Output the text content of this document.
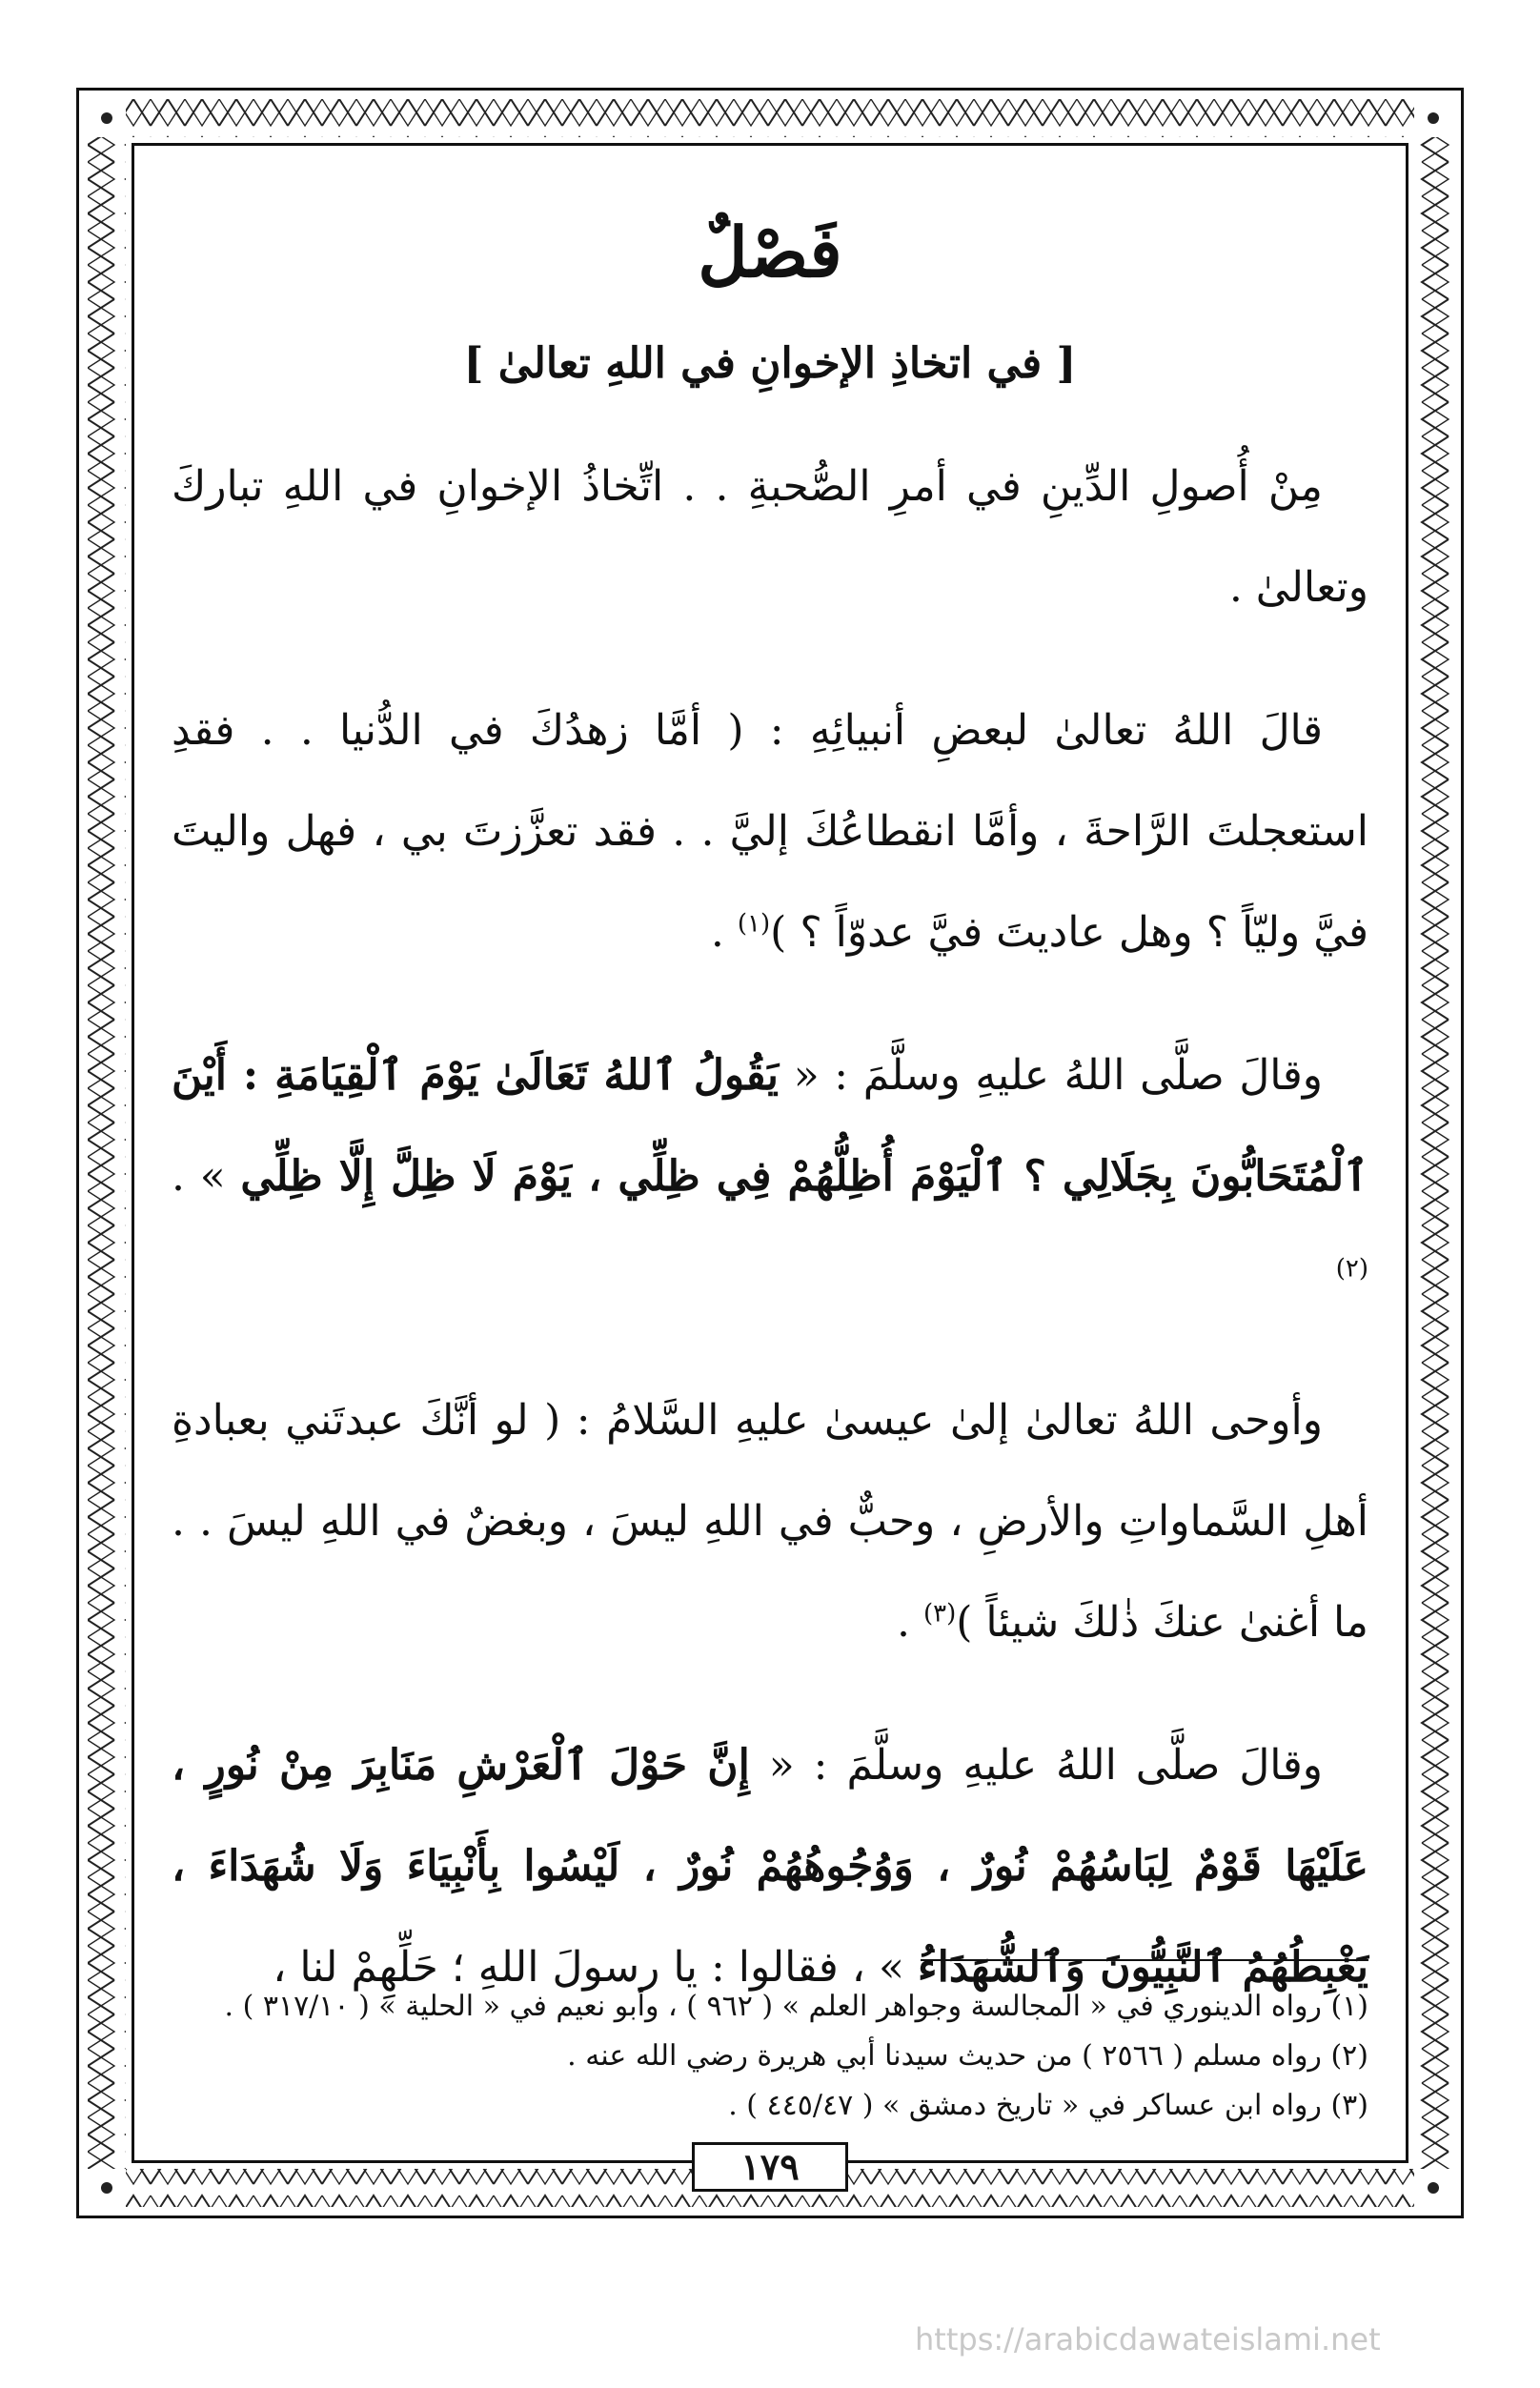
فَصْلٌ
[ في اتخاذِ الإخوانِ في اللهِ تعالىٰ ]

مِنْ أُصولِ الدِّينِ في أمرِ الصُّحبةِ . . اتِّخاذُ الإخوانِ في اللهِ تباركَ وتعالىٰ .

قالَ اللهُ تعالىٰ لبعضِ أنبيائِهِ : ( أمَّا زهدُكَ في الدُّنيا . . فقدِ استعجلتَ الرَّاحةَ ، وأمَّا انقطاعُكَ إليَّ . . فقد تعزَّزتَ بي ، فهل واليتَ فيَّ وليّاً ؟ وهل عاديتَ فيَّ عدوّاً ؟ )$^{(١)}$ .

وقالَ صلَّى اللهُ عليهِ وسلَّمَ : « يَقُولُ ٱللهُ تَعَالَىٰ يَوْمَ ٱلْقِيَامَةِ : أَيْنَ ٱلْمُتَحَابُّونَ بِجَلَالِي ؟ ٱلْيَوْمَ أُظِلُّهُمْ فِي ظِلِّي ، يَوْمَ لَا ظِلَّ إِلَّا ظِلِّي » .$^{(٢)}$

وأوحى اللهُ تعالىٰ إلىٰ عيسىٰ عليهِ السَّلامُ : ( لو أنَّكَ عبدتَني بعبادةِ أهلِ السَّماواتِ والأرضِ ، وحبٌّ في اللهِ ليسَ ، وبغضٌ في اللهِ ليسَ . . ما أغنىٰ عنكَ ذٰلكَ شيئاً )$^{(٣)}$ .

وقالَ صلَّى اللهُ عليهِ وسلَّمَ : « إِنَّ حَوْلَ ٱلْعَرْشِ مَنَابِرَ مِنْ نُورٍ ، عَلَيْهَا قَوْمٌ لِبَاسُهُمْ نُورٌ ، وَوُجُوهُهُمْ نُورٌ ، لَيْسُوا بِأَنْبِيَاءَ وَلَا شُهَدَاءَ ، يَغْبِطُهُمُ ٱلنَّبِيُّونَ وَٱلشُّهَدَاءُ » ، فقالوا : يا رسولَ اللهِ ؛ حَلِّهِمْ لنا ،

(١) رواه الدينوري في « المجالسة وجواهر العلم » ( ٩٦٢ ) ، وأبو نعيم في « الحلية » ( ٣١٧/١٠ ) .
(٢) رواه مسلم ( ٢٥٦٦ ) من حديث سيدنا أبي هريرة رضي الله عنه .
(٣) رواه ابن عساكر في « تاريخ دمشق » ( ٤٤٥/٤٧ ) .
١٧٩
https://arabicdawateislami.net
